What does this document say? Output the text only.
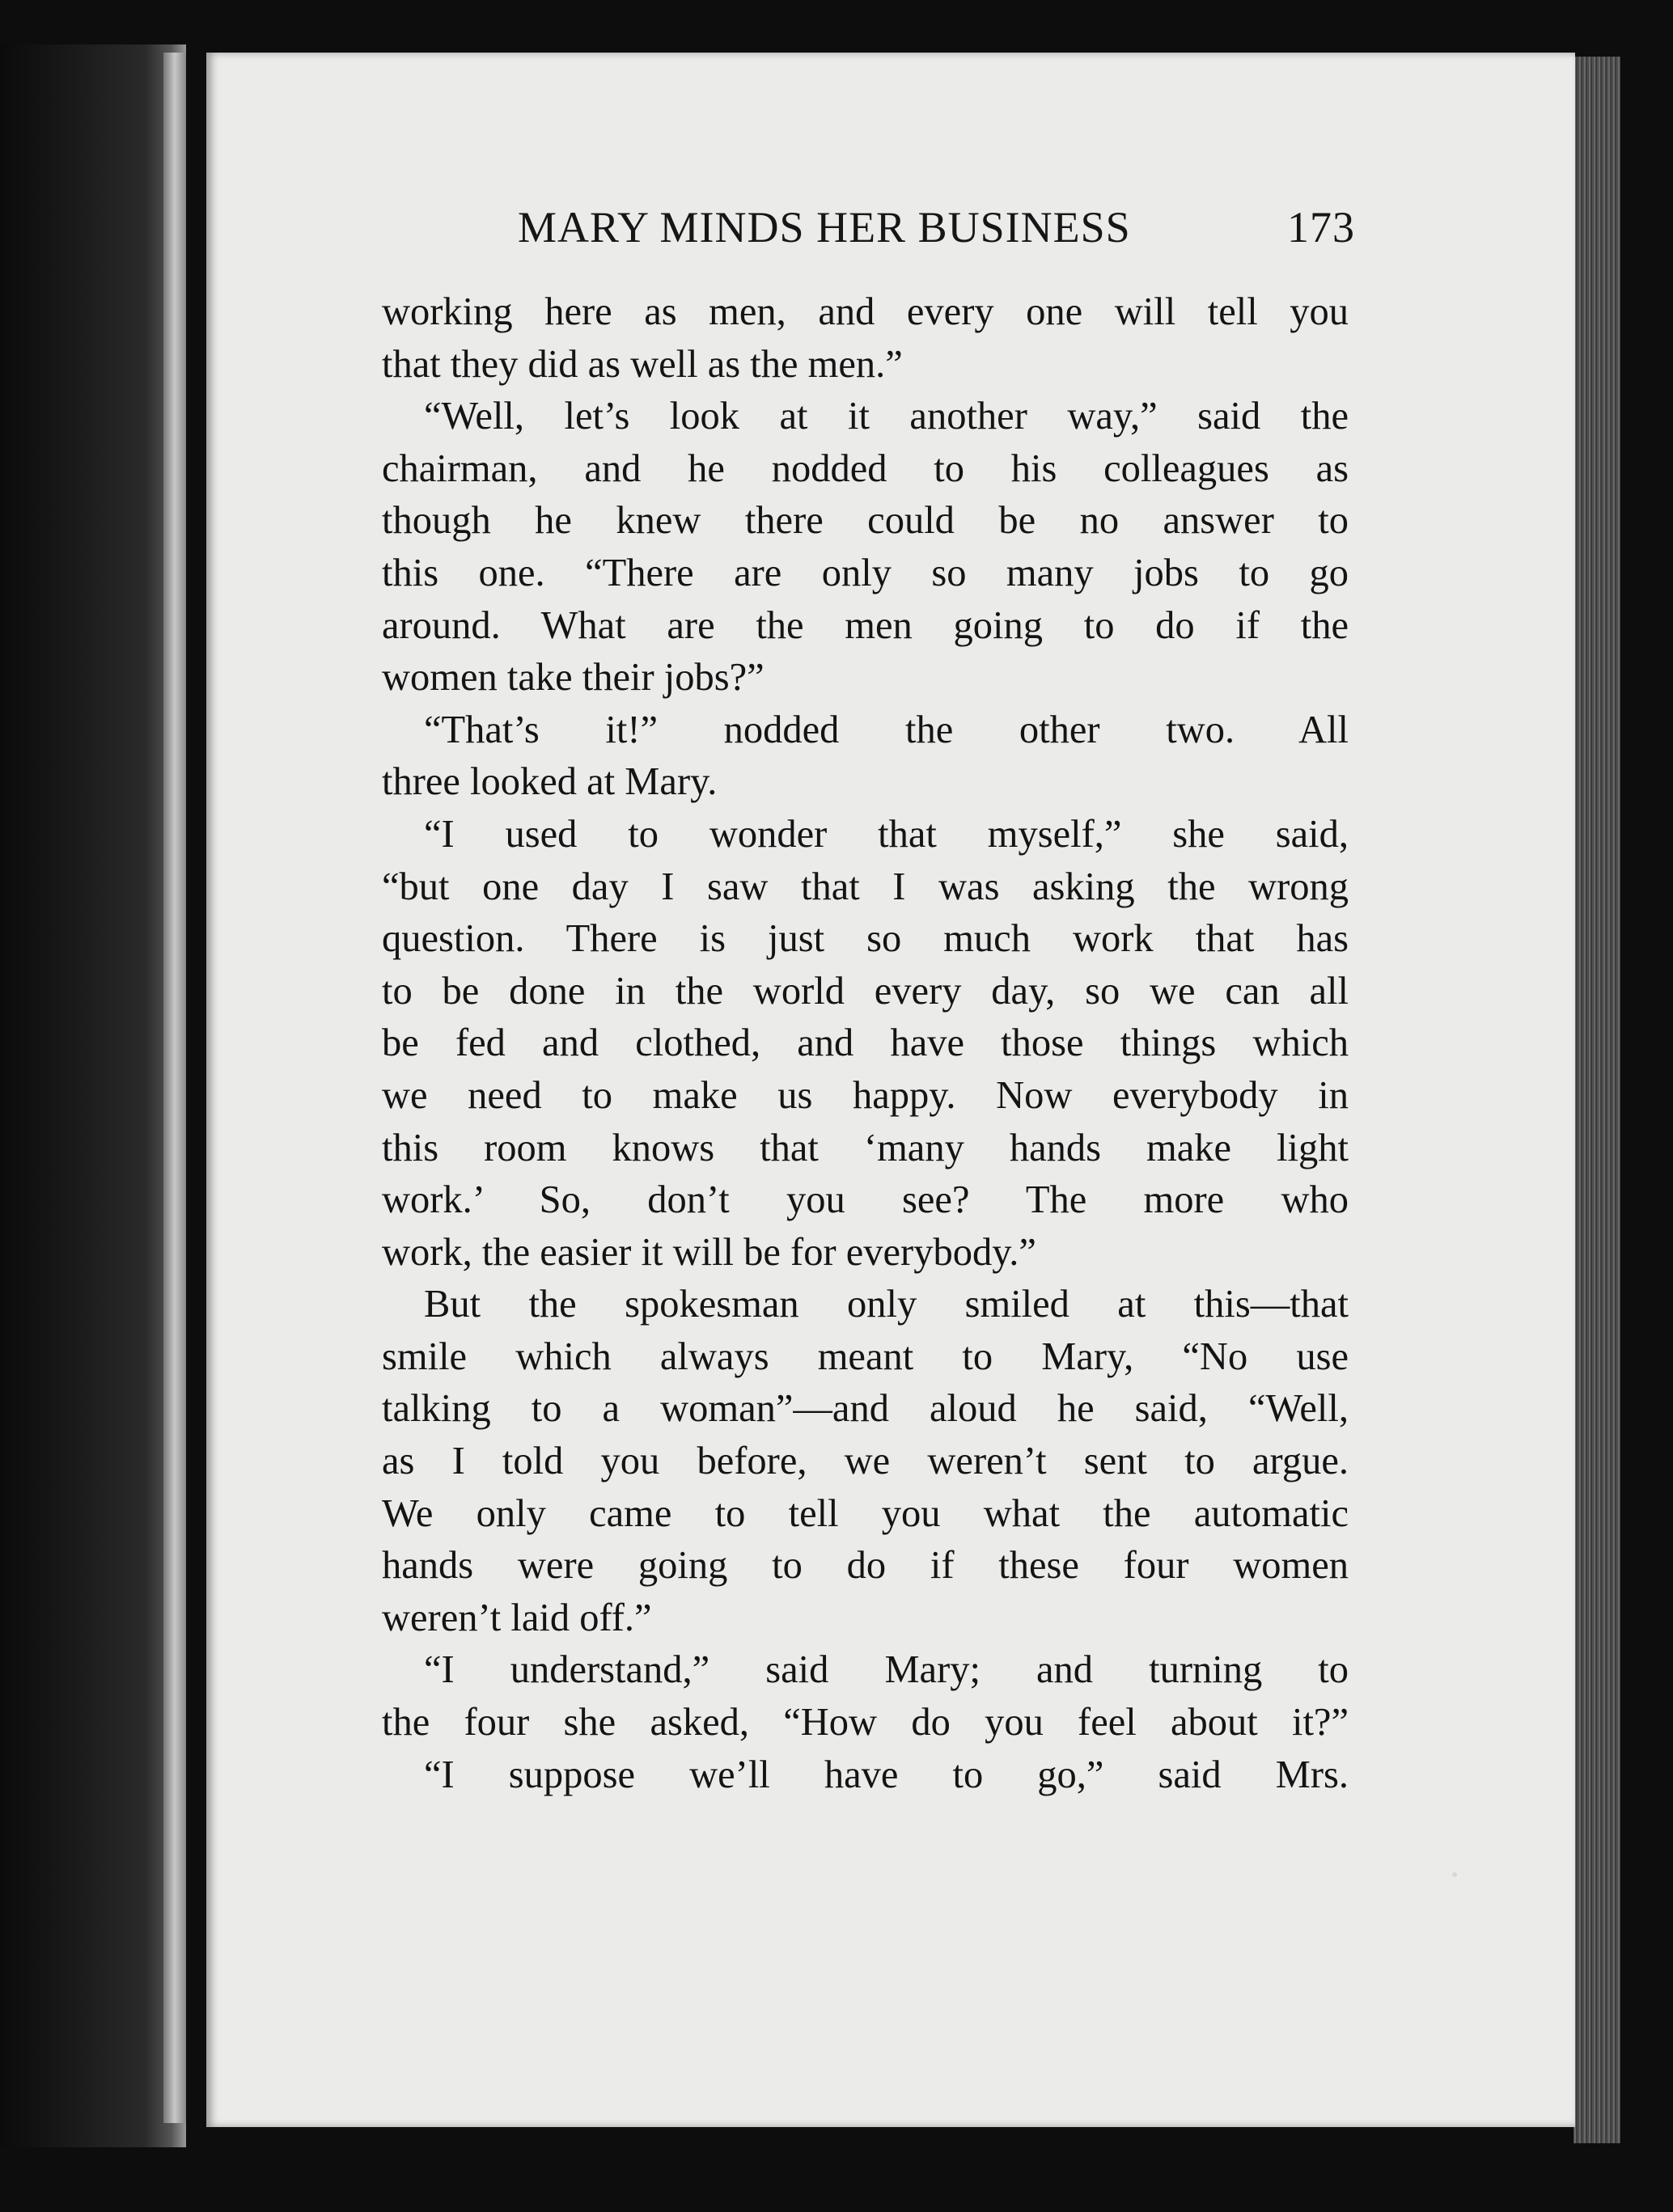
MARY MINDS HER BUSINESS	173
working here as men, and every one will tell you
that they did as well as the men.”
“Well, let’s look at it another way,” said the
chairman, and he nodded to his colleagues as
though he knew there could be no answer to
this one. “There are only so many jobs to go
around. What are the men going to do if the
women take their jobs?”
“That’s it!” nodded the other two. All
three looked at Mary.
“I used to wonder that myself,” she said,
“but one day I saw that I was asking the wrong
question. There is just so much work that has
to be done in the world every day, so we can all
be fed and clothed, and have those things which
we need to make us happy. Now everybody in
this room knows that ‘many hands make light
work.’ So, don’t you see? The more who
work, the easier it will be for everybody.”
But the spokesman only smiled at this—that
smile which always meant to Mary, “No use
talking to a woman”—and aloud he said, “Well,
as I told you before, we weren’t sent to argue.
We only came to tell you what the automatic
hands were going to do if these four women
weren’t laid off.”
“I understand,” said Mary; and turning to
the four she asked, “How do you feel about it?”
“I suppose we’ll have to go,” said Mrs.
